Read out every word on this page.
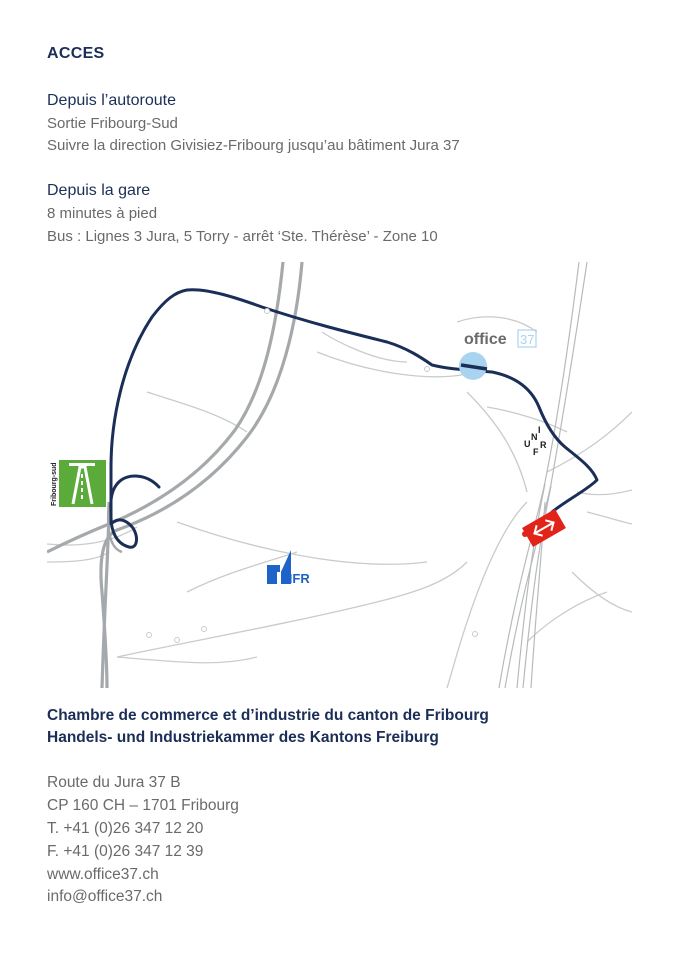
ACCES
Depuis l’autoroute
Sortie Fribourg-Sud
Suivre la direction Givisiez-Fribourg jusqu’au bâtiment Jura 37
Depuis la gare
8 minutes à pied
Bus : Lignes 3 Jura, 5 Torry - arrêt ‘Ste. Thérèse’ - Zone 10
office 37
U
N
I
F
R
Fribourg-sud
HFR
Chambre de commerce et d’industrie du canton de Fribourg
Handels- und Industriekammer des Kantons Freiburg
Route du Jura 37 B
CP 160 CH – 1701 Fribourg
T. +41 (0)26 347 12 20
F. +41 (0)26 347 12 39
www.office37.ch
info@office37.ch
